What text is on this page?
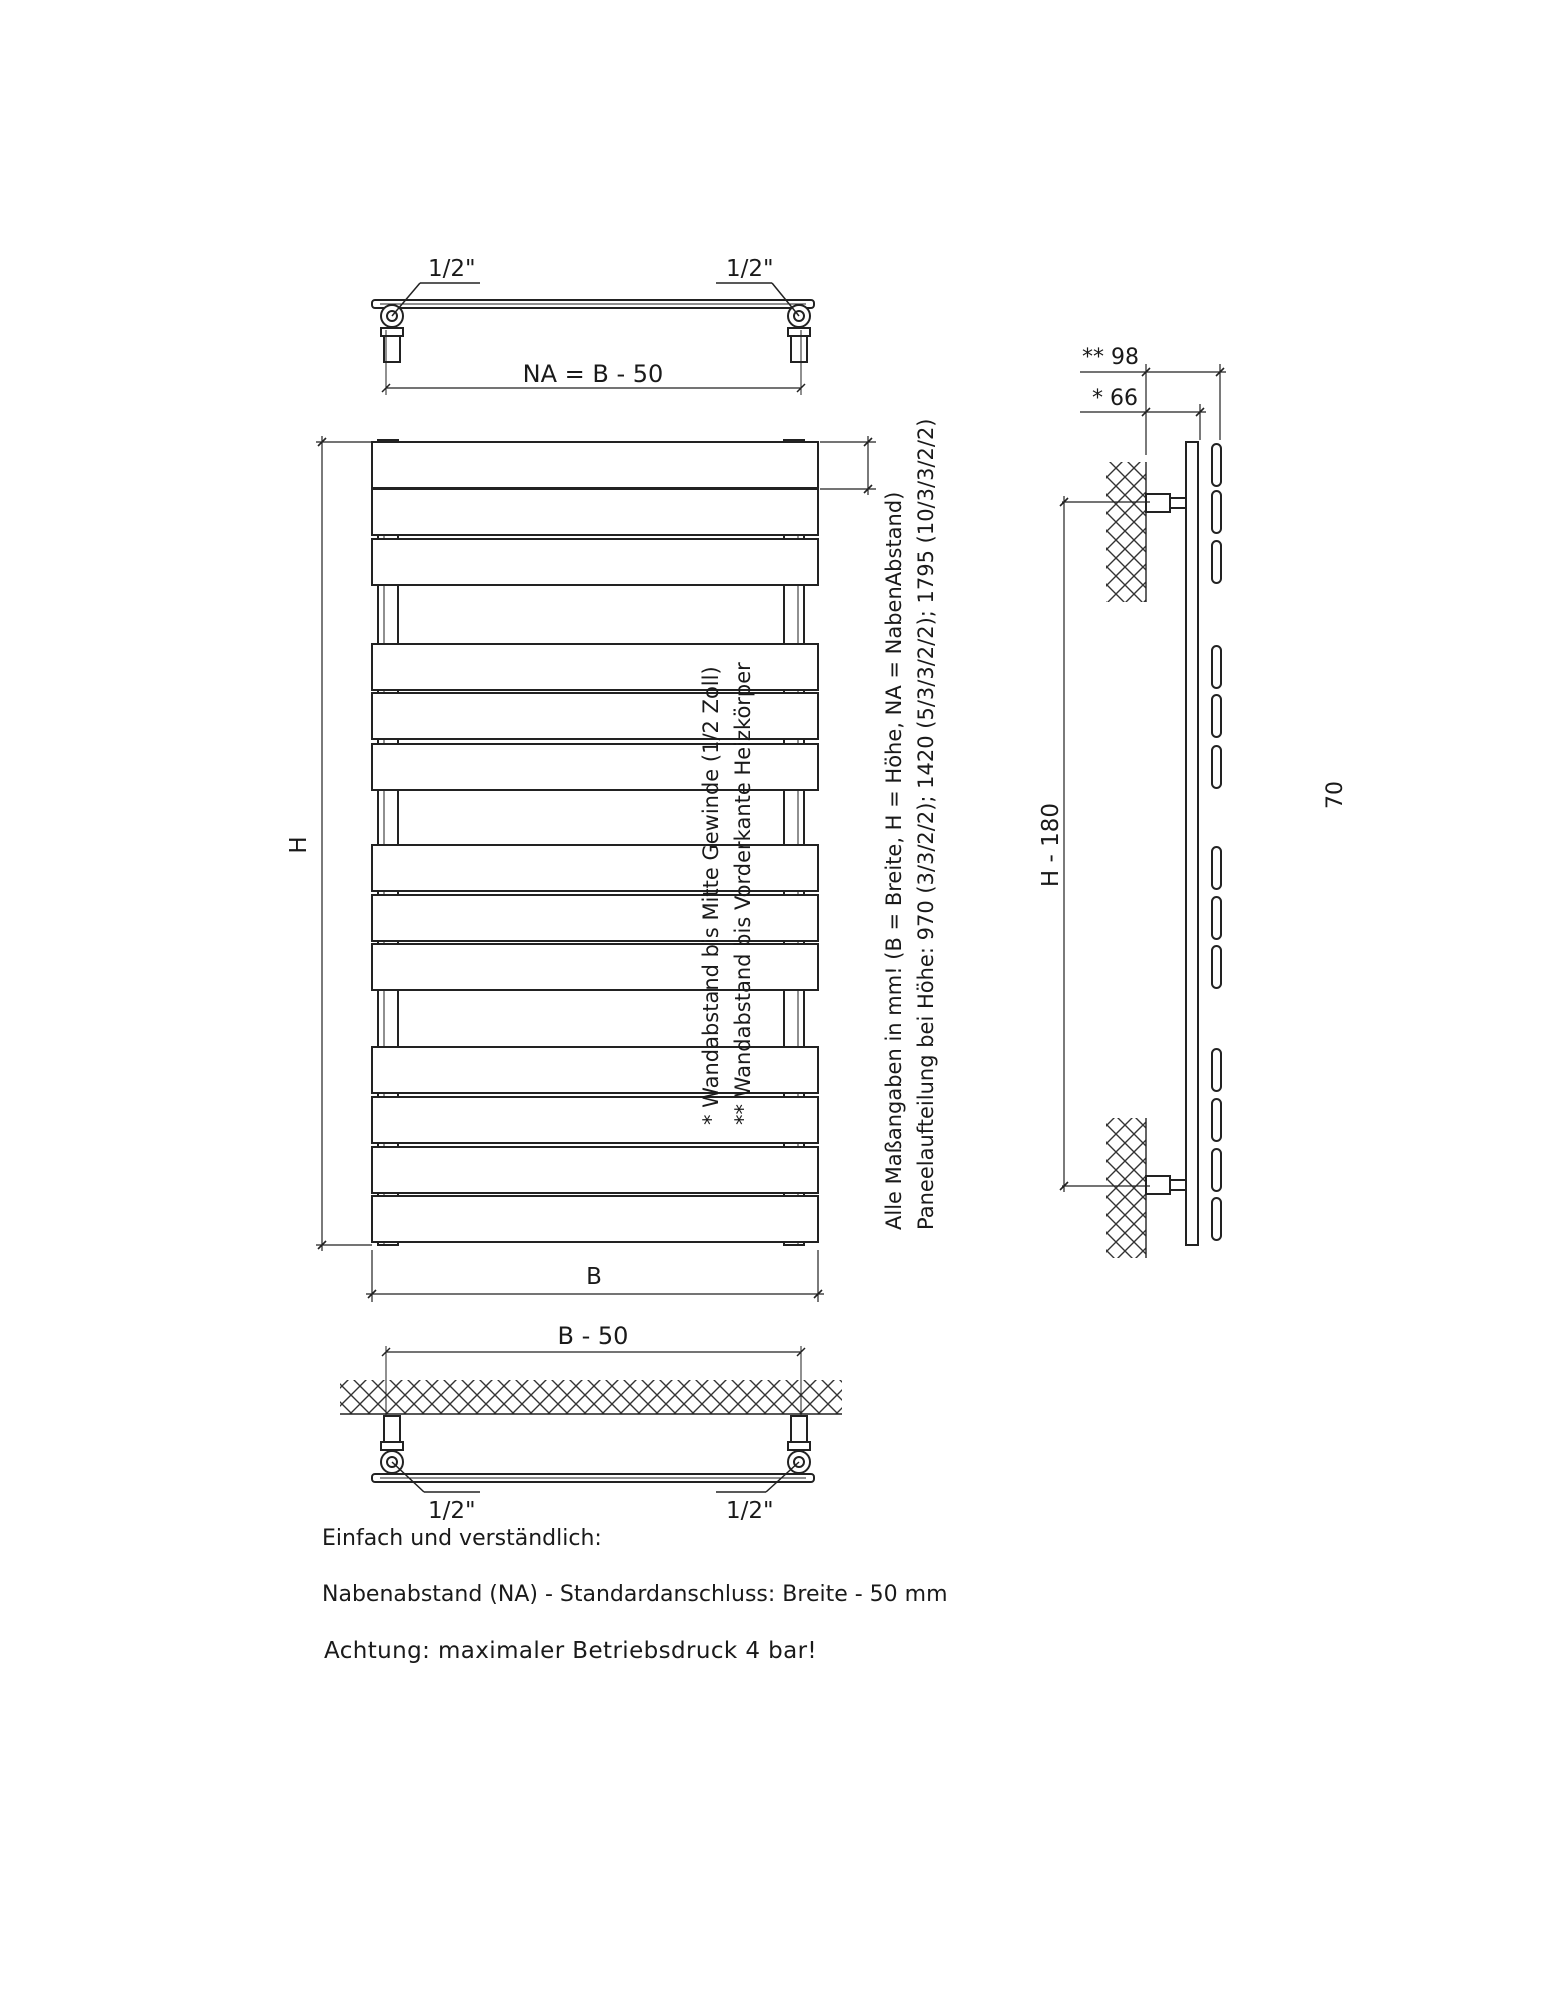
1/2"	1/2"
NA = B - 50
H
B
B - 50
1/2"	1/2"
* Wandabstand bis Mitte Gewinde (1/2 Zoll) ** Wandabstand bis Vorderkante Heizkörper	Alle Maßangaben in mm! (B = Breite, H = Höhe, NA = NabenAbstand) Paneelaufteilung bei Höhe: 970 (3/3/2/2); 1420 (5/3/3/2/2); 1795 (10/3/3/2/2)
** 98
* 66
H - 180
70

Einfach und verständlich:

Nabenabstand (NA) - Standardanschluss: Breite - 50 mm

Achtung: maximaler Betriebsdruck 4 bar!
